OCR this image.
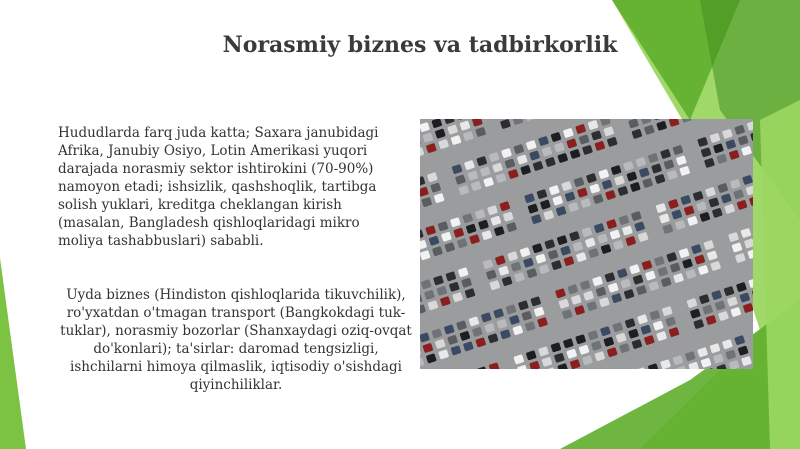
Norasmiy biznes va tadbirkorlik

Hududlarda farq juda katta; Saxara janubidagi Afrika, Janubiy Osiyo, Lotin Amerikasi yuqori darajada norasmiy sektor ishtirokini (70-90%) namoyon etadi; ishsizlik, qashshoqlik, tartibga solish yuklari, kreditga cheklangan kirish (masalan, Bangladesh qishloqlaridagi mikro moliya tashabbuslari) sababli.

Uyda biznes (Hindiston qishloqlarida tikuvchilik), ro'yxatdan o'tmagan transport (Bangkokdagi tuk-tuklar), norasmiy bozorlar (Shanxaydagi oziq-ovqat do'konlari); ta'sirlar: daromad tengsizligi, ishchilarni himoya qilmaslik, iqtisodiy o'sishdagi qiyinchiliklar.
